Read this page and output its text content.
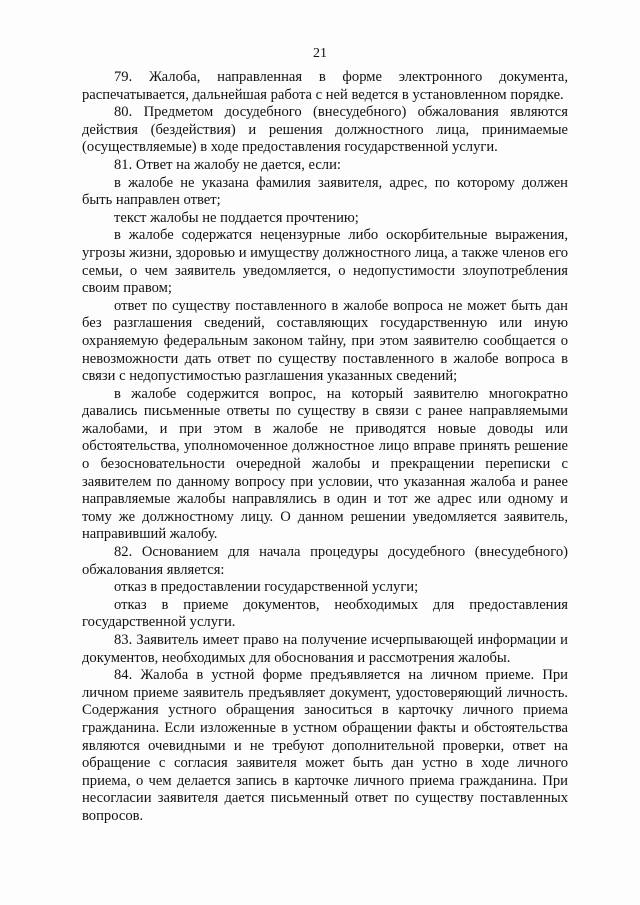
21

79. Жалоба, направленная в форме электронного документа, распечатывается, дальнейшая работа с ней ведется в установленном порядке.

80. Предметом досудебного (внесудебного) обжалования являются действия (бездействия) и решения должностного лица, принимаемые (осуществляемые) в ходе предоставления государственной услуги.

81. Ответ на жалобу не дается, если:

в жалобе не указана фамилия заявителя, адрес, по которому должен быть направлен ответ;

текст жалобы не поддается прочтению;

в жалобе содержатся нецензурные либо оскорбительные выражения, угрозы жизни, здоровью и имуществу должностного лица, а также членов его семьи, о чем заявитель уведомляется, о недопустимости злоупотребления своим правом;

ответ по существу поставленного в жалобе вопроса не может быть дан без разглашения сведений, составляющих государственную или иную охраняемую федеральным законом тайну, при этом заявителю сообщается о невозможности дать ответ по существу поставленного в жалобе вопроса в связи с недопустимостью разглашения указанных сведений;

в жалобе содержится вопрос, на который заявителю многократно давались письменные ответы по существу в связи с ранее направляемыми жалобами, и при этом в жалобе не приводятся новые доводы или обстоятельства, уполномоченное должностное лицо вправе принять решение о безосновательности очередной жалобы и прекращении переписки с заявителем по данному вопросу при условии, что указанная жалоба и ранее направляемые жалобы направлялись в один и тот же адрес или одному и тому же должностному лицу. О данном решении уведомляется заявитель, направивший жалобу.

82. Основанием для начала процедуры досудебного (внесудебного) обжалования является:

отказ в предоставлении государственной услуги;

отказ в приеме документов, необходимых для предоставления государственной услуги.

83. Заявитель имеет право на получение исчерпывающей информации и документов, необходимых для обоснования и рассмотрения жалобы.

84. Жалоба в устной форме предъявляется на личном приеме. При личном приеме заявитель предъявляет документ, удостоверяющий личность. Содержания устного обращения заноситься в карточку личного приема гражданина. Если изложенные в устном обращении факты и обстоятельства являются очевидными и не требуют дополнительной проверки, ответ на обращение с согласия заявителя может быть дан устно в ходе личного приема, о чем делается запись в карточке личного приема гражданина. При несогласии заявителя дается письменный ответ по существу поставленных вопросов.
